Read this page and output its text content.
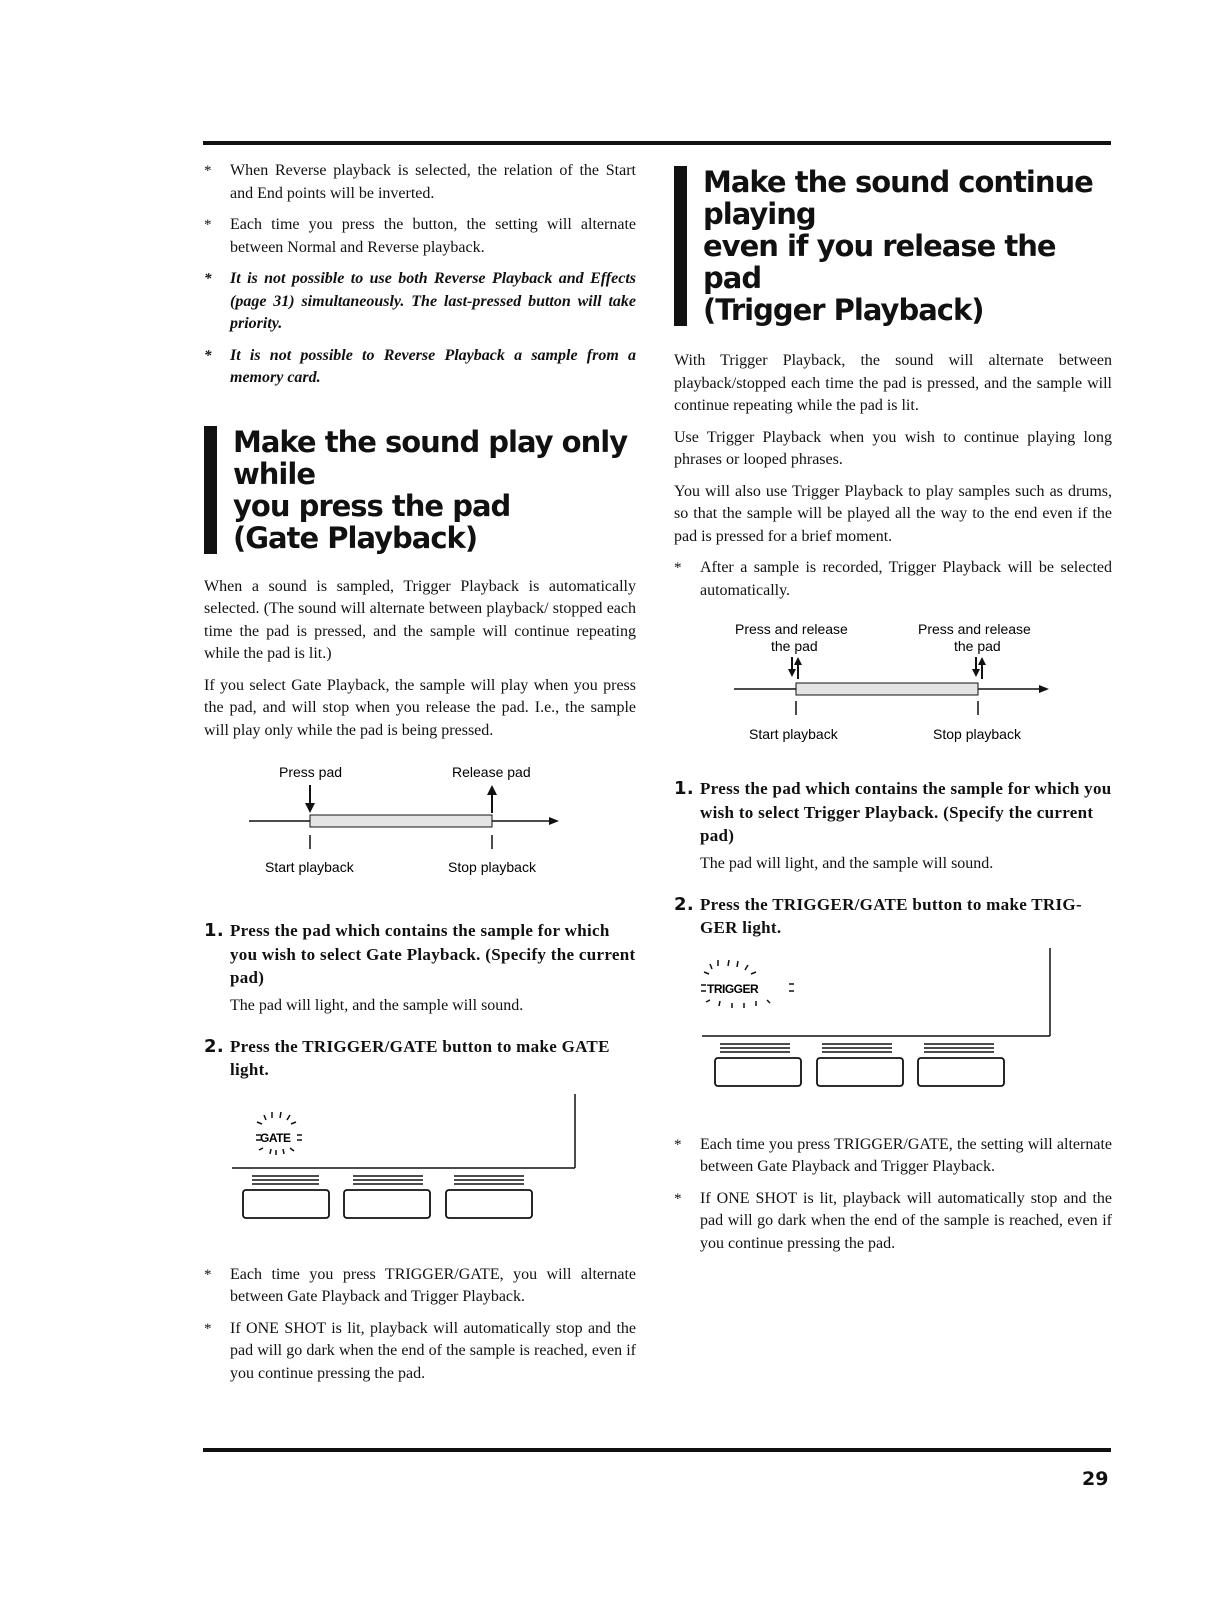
* When Reverse playback is selected, the relation of the Start and End points will be inverted.
* Each time you press the button, the setting will alternate between Normal and Reverse playback.
* It is not possible to use both Reverse Playback and Effects (page 31) simultaneously. The last-pressed button will take priority.
* It is not possible to Reverse Playback a sample from a memory card.
Make the sound play only while
you press the pad
(Gate Playback)

When a sound is sampled, Trigger Playback is automatically selected. (The sound will alternate between playback/ stopped each time the pad is pressed, and the sample will continue repeating while the pad is lit.)

If you select Gate Playback, the sample will play when you press the pad, and will stop when you release the pad. I.e., the sample will play only while the pad is being pressed.

Press pad	Release pad
Start playback	Stop playback
1. Press the pad which contains the sample for which you wish to select Gate Playback. (Specify the current pad)

The pad will light, and the sample will sound.

2. Press the TRIGGER/GATE button to make GATE light.
GATE
* Each time you press TRIGGER/GATE, you will alternate between Gate Playback and Trigger Playback.
* If ONE SHOT is lit, playback will automatically stop and the pad will go dark when the end of the sample is reached, even if you continue pressing the pad.
Make the sound continue playing
even if you release the pad
(Trigger Playback)

With Trigger Playback, the sound will alternate between playback/stopped each time the pad is pressed, and the sample will continue repeating while the pad is lit.

Use Trigger Playback when you wish to continue playing long phrases or looped phrases.

You will also use Trigger Playback to play samples such as drums, so that the sample will be played all the way to the end even if the pad is pressed for a brief moment.

* After a sample is recorded, Trigger Playback will be selected automatically.
Press and release
the pad
Press and release
the pad
Start playback	Stop playback
1. Press the pad which contains the sample for which you wish to select Trigger Playback. (Specify the current pad)

The pad will light, and the sample will sound.

2. Press the TRIGGER/GATE button to make TRIG- GER light.
TRIGGER
* Each time you press TRIGGER/GATE, the setting will alternate between Gate Playback and Trigger Playback.
* If ONE SHOT is lit, playback will automatically stop and the pad will go dark when the end of the sample is reached, even if you continue pressing the pad.
29
